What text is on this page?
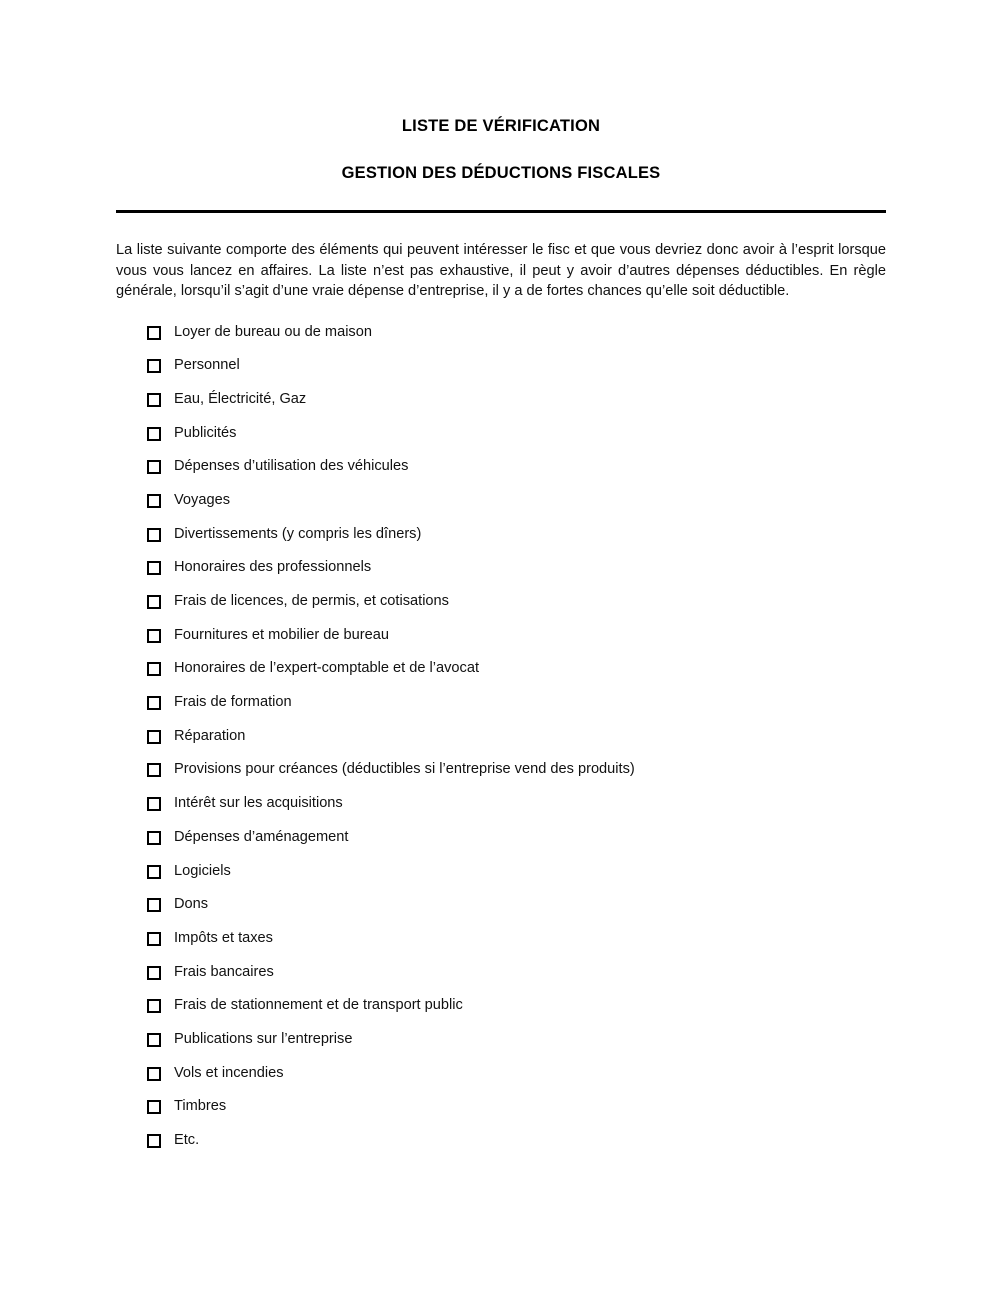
LISTE DE VÉRIFICATION
GESTION DES DÉDUCTIONS FISCALES

La liste suivante comporte des éléments qui peuvent intéresser le fisc et que vous devriez donc avoir à l’esprit lorsque vous vous lancez en affaires. La liste n’est pas exhaustive, il peut y avoir d’autres dépenses déductibles. En règle générale, lorsqu’il s’agit d’une vraie dépense d’entreprise, il y a de fortes chances qu’elle soit déductible.

Loyer de bureau ou de maison
Personnel
Eau, Électricité, Gaz
Publicités
Dépenses d’utilisation des véhicules
Voyages
Divertissements (y compris les dîners)
Honoraires des professionnels
Frais de licences, de permis, et cotisations
Fournitures et mobilier de bureau
Honoraires de l’expert-comptable et de l’avocat
Frais de formation
Réparation
Provisions pour créances (déductibles si l’entreprise vend des produits)
Intérêt sur les acquisitions
Dépenses d’aménagement
Logiciels
Dons
Impôts et taxes
Frais bancaires
Frais de stationnement et de transport public
Publications sur l’entreprise
Vols et incendies
Timbres
Etc.
